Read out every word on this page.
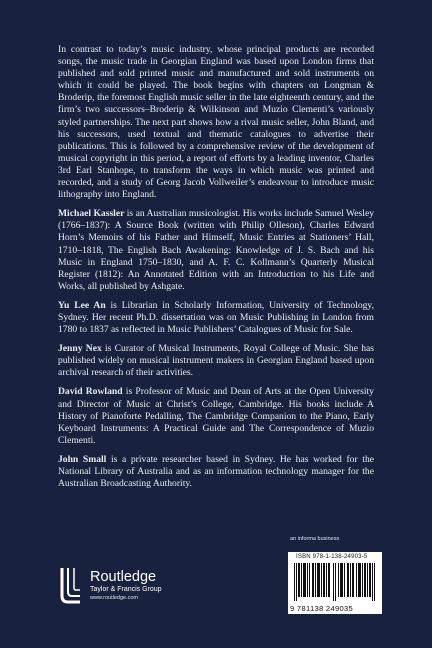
In contrast to today’s music industry, whose principal products are recorded songs, the music trade in Georgian England was based upon London firms that published and sold printed music and manufactured and sold instruments on which it could be played. The book begins with chapters on Longman & Broderip, the foremost English music seller in the late eighteenth century, and the firm’s two successors–Broderip & Wilkinson and Muzio Clementi’s variously styled partnerships. The next part shows how a rival music seller, John Bland, and his successors, used textual and thematic catalogues to advertise their publications. This is followed by a comprehensive review of the development of musical copyright in this period, a report of efforts by a leading inventor, Charles 3rd Earl Stanhope, to transform the ways in which music was printed and recorded, and a study of Georg Jacob Vollweiler’s endeavour to introduce music lithography into England.

Michael Kassler is an Australian musicologist. His works include Samuel Wesley (1766–1837): A Source Book (written with Philip Olleson), Charles Edward Horn’s Memoirs of his Father and Himself, Music Entries at Stationers’ Hall, 1710–1818, The English Bach Awakening: Knowledge of J. S. Bach and his Music in England 1750–1830, and A. F. C. Kollmann’s Quarterly Musical Register (1812): An Annotated Edition with an Introduction to his Life and Works, all published by Ashgate.

Yu Lee An is Librarian in Scholarly Information, University of Technology, Sydney. Her recent Ph.D. dissertation was on Music Publishing in London from 1780 to 1837 as reflected in Music Publishers’ Catalogues of Music for Sale.

Jenny Nex is Curator of Musical Instruments, Royal College of Music. She has published widely on musical instrument makers in Georgian England based upon archival research of their activities.

David Rowland is Professor of Music and Dean of Arts at the Open University and Director of Music at Christ’s College, Cambridge. His books include A History of Pianoforte Pedalling, The Cambridge Companion to the Piano, Early Keyboard Instruments: A Practical Guide and The Correspondence of Muzio Clementi.

John Small is a private researcher based in Sydney. He has worked for the National Library of Australia and as an information technology manager for the Australian Broadcasting Authority.

an informa business
ISBN 978-1-138-24903-5
9 781138 249035
Routledge
Taylor & Francis Group
www.routledge.com
